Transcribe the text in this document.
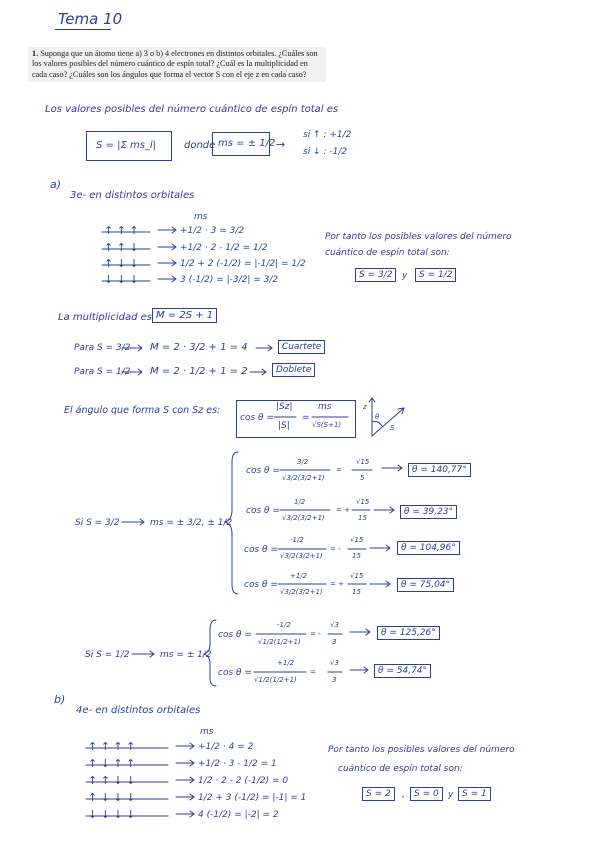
Tema 10
1. Suponga que un átomo tiene a) 3 o b) 4 electrones en distintos orbitales. ¿Cuáles son los valores posibles del número cuántico de espín total? ¿Cuál es la multiplicidad en cada caso? ¿Cuáles son los ángulos que forma el vector S con el eje z en cada caso?
Los valores posibles del número cuántico de espín total es
S = |Σ ms_i|	donde ms = ± 1/2 →
si ↑ : +1/2
si ↓ : -1/2
a)
3e- en distintos orbitales
ms
↑ ↑ ↑	+1/2 · 3 = 3/2
↑ ↑ ↓	+1/2 · 2 - 1/2 = 1/2
↑ ↓ ↓	1/2 + 2 (-1/2) = |-1/2| = 1/2
↓ ↓ ↓	3 (-1/2) = |-3/2| = 3/2
Por tanto los posibles valores del número
cuántico de espín total son:
S = 3/2	y	S = 1/2
La multiplicidad es M = 2S + 1
Para S = 3/2 M = 2 · 3/2 + 1 = 4	Cuartete
Para S = 1/2 M = 2 · 1/2 + 1 = 2	Doblete
El ángulo que forma S con Sz es:
cos θ =
|Sz|
|S|
=
ms
√S(S+1)
z
S
θ
Si S = 3/2	ms = ± 3/2, ± 1/2
cos θ =
3/2
√3/2(3/2+1)
=
√15
5
θ = 140,77°
cos θ =
1/2
√3/2(3/2+1)
= +
√15
15
θ = 39,23°
cos θ =
-1/2
√3/2(3/2+1)
= -
√15
15
θ = 104,96°
cos θ =
+1/2
√3/2(3/2+1)
= +
√15
15
θ = 75,04°
Si S = 1/2	ms = ± 1/2
cos θ =
-1/2
√1/2(1/2+1)
= -
√3
3
θ = 125,26°
cos θ =
+1/2
√1/2(1/2+1)
=
√3
3
θ = 54,74°
b)
4e- en distintos orbitales
ms
↑ ↑ ↑ ↑	+1/2 · 4 = 2
↑ ↓ ↑ ↑	+1/2 · 3 - 1/2 = 1
↑ ↑ ↓ ↓	1/2 · 2 - 2 (-1/2) = 0
↑ ↓ ↓ ↓	1/2 + 3 (-1/2) = |-1| = 1
↓ ↓ ↓ ↓	4 (-1/2) = |-2| = 2
Por tanto los posibles valores del número
cuántico de espín total son:
S = 2	,	S = 0	y S = 1
